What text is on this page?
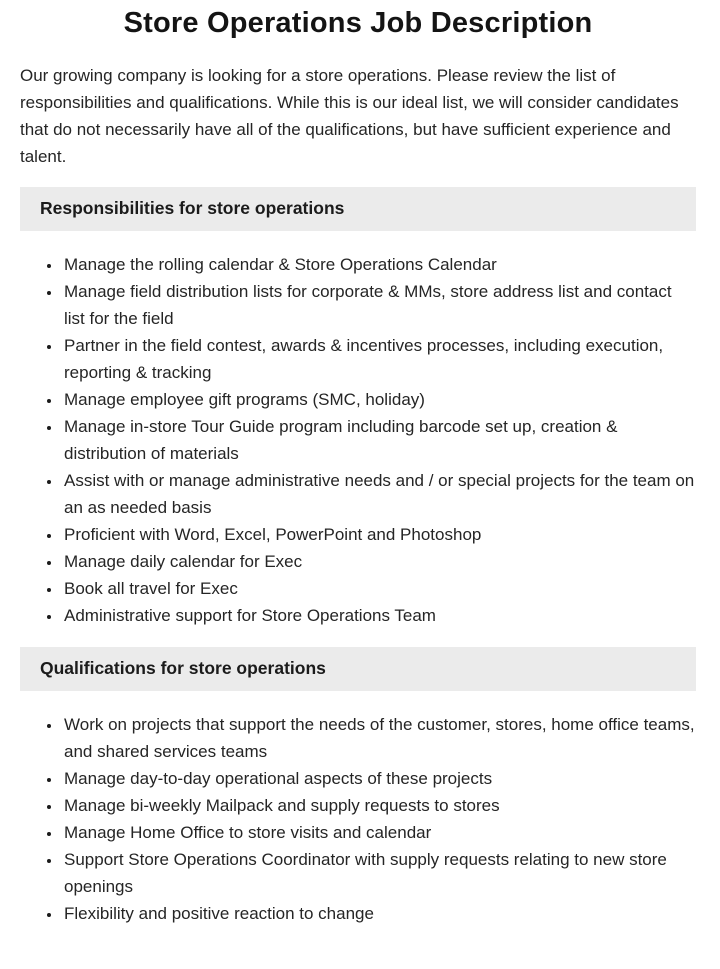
Store Operations Job Description

Our growing company is looking for a store operations. Please review the list of responsibilities and qualifications. While this is our ideal list, we will consider candidates that do not necessarily have all of the qualifications, but have sufficient experience and talent.

Responsibilities for store operations
• Manage the rolling calendar & Store Operations Calendar
• Manage field distribution lists for corporate & MMs, store address list and contact list for the field
• Partner in the field contest, awards & incentives processes, including execution, reporting & tracking
• Manage employee gift programs (SMC, holiday)
• Manage in-store Tour Guide program including barcode set up, creation & distribution of materials
• Assist with or manage administrative needs and / or special projects for the team on an as needed basis
• Proficient with Word, Excel, PowerPoint and Photoshop
• Manage daily calendar for Exec
• Book all travel for Exec
• Administrative support for Store Operations Team
Qualifications for store operations
• Work on projects that support the needs of the customer, stores, home office teams, and shared services teams
• Manage day-to-day operational aspects of these projects
• Manage bi-weekly Mailpack and supply requests to stores
• Manage Home Office to store visits and calendar
• Support Store Operations Coordinator with supply requests relating to new store openings
• Flexibility and positive reaction to change
